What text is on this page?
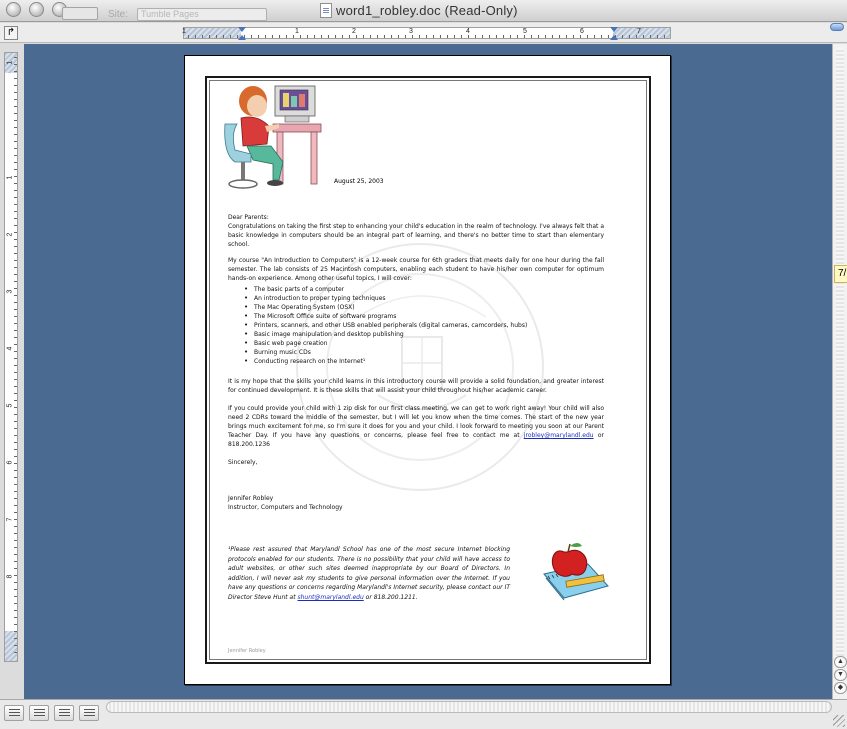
Site:	Tumble Pages	word1_robley.doc (Read-Only)
↱	1	1	2	3	4	5	6	7
1
1
2
3
4
5
6
7
8
August 25, 2003
Dear Parents:
Congratulations on taking the first step to enhancing your child's education in the realm of technology. I've always felt that a basic knowledge in computers should be an integral part of learning, and there's no better time to start than elementary school.
My course "An Introduction to Computers" is a 12-week course for 6th graders that meets daily for one hour during the fall semester. The lab consists of 25 Macintosh computers, enabling each student to have his/her own computer for optimum hands-on experience. Among other useful topics, I will cover:
• The basic parts of a computer
• An introduction to proper typing techniques
• The Mac Operating System (OSX)
• The Microsoft Office suite of software programs
• Printers, scanners, and other USB enabled peripherals (digital cameras, camcorders, hubs)
• Basic image manipulation and desktop publishing
• Basic web page creation
• Burning music CDs
• Conducting research on the Internet¹
It is my hope that the skills your child learns in this introductory course will provide a solid foundation, and greater interest for continued development. It is these skills that will assist your child throughout his/her academic career.
If you could provide your child with 1 zip disk for our first class meeting, we can get to work right away! Your child will also need 2 CDRs toward the middle of the semester, but I will let you know when the time comes. The start of the new year brings much excitement for me, so I'm sure it does for you and your child. I look forward to meeting you soon at our Parent Teacher Day. If you have any questions or concerns, please feel free to contact me at jrobley@marylandl.edu or 818.200.1236
Sincerely,
Jennifer Robley
Instructor, Computers and Technology
¹Please rest assured that Marylandl School has one of the most secure Internet blocking protocols enabled for our students. There is no possibility that your child will have access to adult websites, or other such sites deemed inappropriate by our Board of Directors. In addition, I will never ask my students to give personal information over the Internet. If you have any questions or concerns regarding Marylandl's Internet security, please contact our IT Director Steve Hunt at shunt@marylandl.edu or 818.200.1211.
Jennifer Robley
▲
▼
◆
7/
